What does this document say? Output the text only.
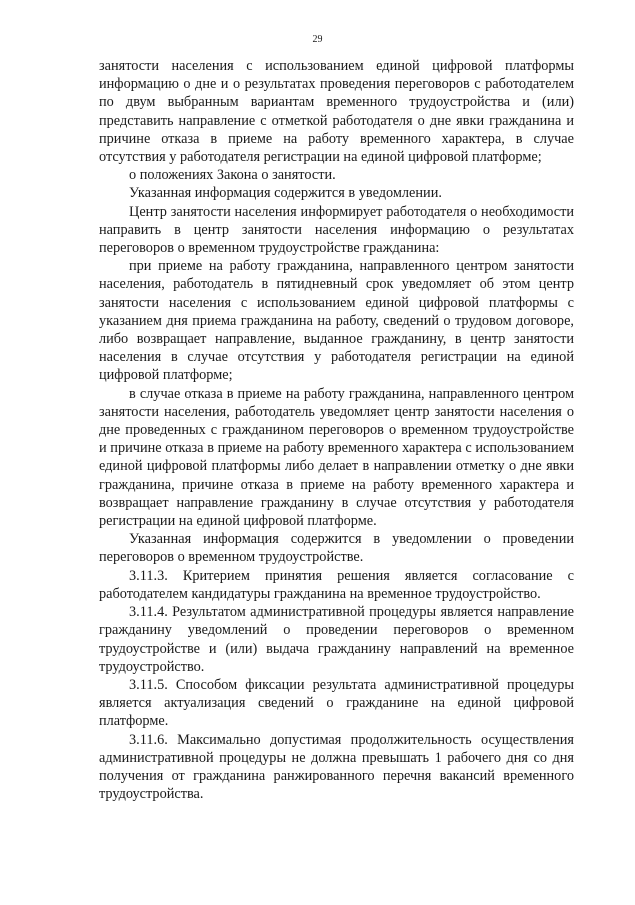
29

занятости населения с использованием единой цифровой платформы информацию о дне и о результатах проведения переговоров с работодателем по двум выбранным вариантам временного трудоустройства и (или) представить направление с отметкой работодателя о дне явки гражданина и причине отказа в приеме на работу временного характера, в случае отсутствия у работодателя регистрации на единой цифровой платформе;

о положениях Закона о занятости.

Указанная информация содержится в уведомлении.

Центр занятости населения информирует работодателя о необходимости направить в центр занятости населения информацию о результатах переговоров о временном трудоустройстве гражданина:

при приеме на работу гражданина, направленного центром занятости населения, работодатель в пятидневный срок уведомляет об этом центр занятости населения с использованием единой цифровой платформы с указанием дня приема гражданина на работу, сведений о трудовом договоре, либо возвращает направление, выданное гражданину, в центр занятости населения в случае отсутствия у работодателя регистрации на единой цифровой платформе;

в случае отказа в приеме на работу гражданина, направленного центром занятости населения, работодатель уведомляет центр занятости населения о дне проведенных с гражданином переговоров о временном трудоустройстве и причине отказа в приеме на работу временного характера с использованием единой цифровой платформы либо делает в направлении отметку о дне явки гражданина, причине отказа в приеме на работу временного характера и возвращает направление гражданину в случае отсутствия у работодателя регистрации на единой цифровой платформе.

Указанная информация содержится в уведомлении о проведении переговоров о временном трудоустройстве.

3.11.3. Критерием принятия решения является согласование с работодателем кандидатуры гражданина на временное трудоустройство.

3.11.4. Результатом административной процедуры является направление гражданину уведомлений о проведении переговоров о временном трудоустройстве и (или) выдача гражданину направлений на временное трудоустройство.

3.11.5. Способом фиксации результата административной процедуры является актуализация сведений о гражданине на единой цифровой платформе.

3.11.6. Максимально допустимая продолжительность осуществления административной процедуры не должна превышать 1 рабочего дня со дня получения от гражданина ранжированного перечня вакансий временного трудоустройства.
